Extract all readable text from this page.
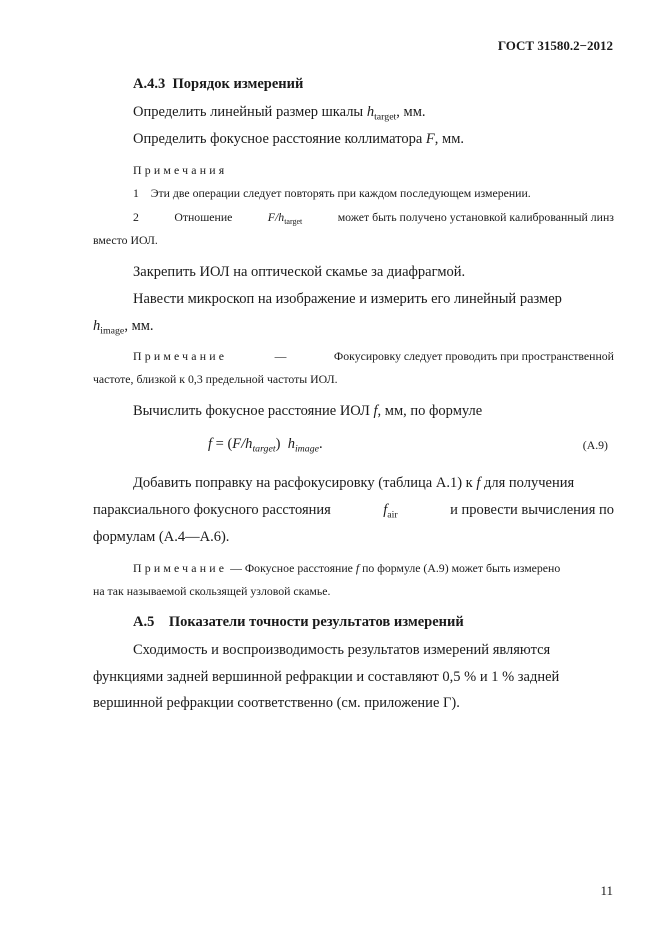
ГОСТ 31580.2−2012
А.4.3 Порядок измерений
Определить линейный размер шкалы $h_{target}$, мм.
Определить фокусное расстояние коллиматора F, мм.
Примечания
1 Эти две операции следует повторять при каждом последующем измерении.
2	Отношение	$F/h_{target}$	может быть получено установкой калиброванный линз
вместо ИОЛ.
Закрепить ИОЛ на оптической скамье за диафрагмой.
Навести микроскоп на изображение и измерить его линейный размер
$h_{image}$, мм.
Примечание	—	Фокусировку следует проводить при пространственной
частоте, близкой к 0,3 предельной частоты ИОЛ.
Вычислить фокусное расстояние ИОЛ f, мм, по формуле
$f = (F/h_{target})$  $h_{image}$.	(А.9)
Добавить поправку на расфокусировку (таблица А.1) к f для получения
параксиального фокусного расстояния	$f_{air}$	и провести вычисления по
формулам (А.4—А.6).
Примечание — Фокусное расстояние f по формуле (А.9) может быть измерено
на так называемой скользящей узловой скамье.
А.5 Показатели точности результатов измерений
Сходимость и воспроизводимость результатов измерений являются
функциями задней вершинной рефракции и составляют 0,5 % и 1 % задней
вершинной рефракции соответственно (см. приложение Г).
11
